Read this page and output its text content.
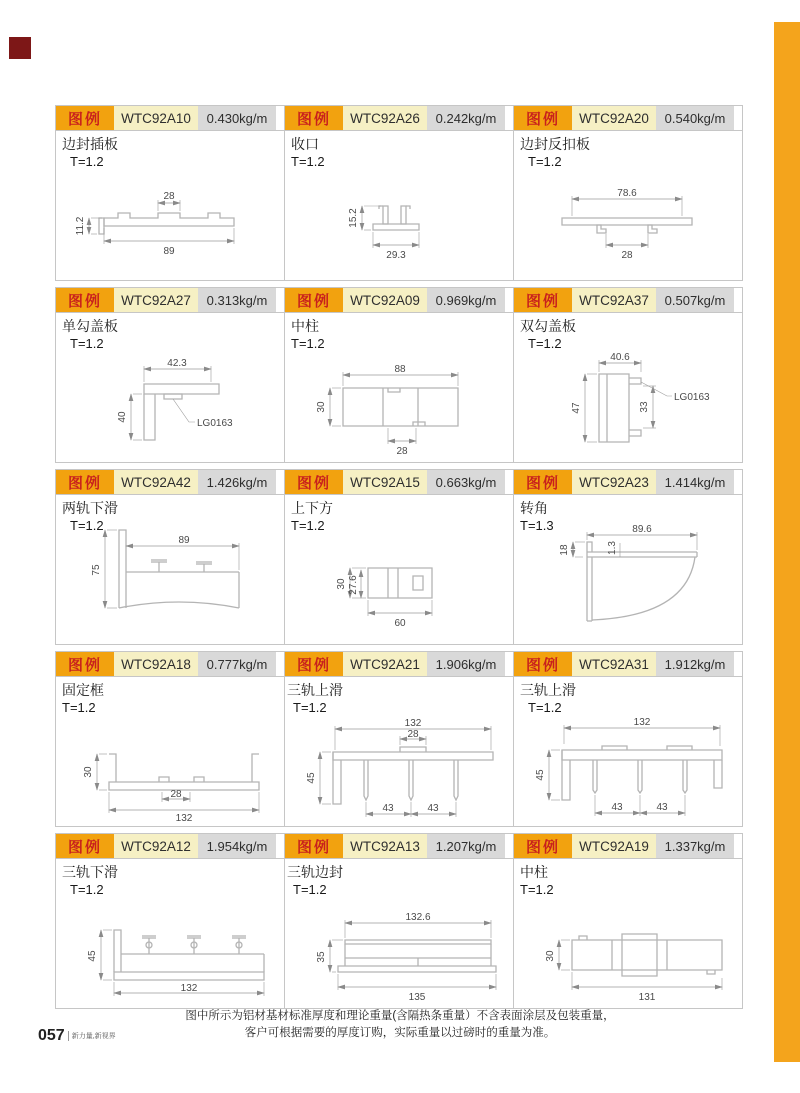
图例	WTC92A10	0.430kg/m
边封插板
T=1.2
28
89
11.2
图例	WTC92A26	0.242kg/m
收口
T=1.2
15.2
29.3
图例	WTC92A20	0.540kg/m
边封反扣板
T=1.2
78.6
28
图例	WTC92A27	0.313kg/m
单勾盖板
T=1.2
42.3
40
LG0163
图例	WTC92A09	0.969kg/m
中柱
T=1.2
88
30
28
图例	WTC92A37	0.507kg/m
双勾盖板
T=1.2
40.6
47	33
LG0163
图例	WTC92A42	1.426kg/m
两轨下滑
T=1.2
89
75
图例	WTC92A15	0.663kg/m
上下方
T=1.2
30 27.6
60
图例	WTC92A23	1.414kg/m
转角
T=1.3	89.6
18	1.3
图例	WTC92A18	0.777kg/m
固定框
T=1.2
30
28
132
图例	WTC92A21	1.906kg/m
三轨上滑
T=1.2
132
28
45
43	43
图例	WTC92A31	1.912kg/m
三轨上滑
T=1.2
132
45
43	43
图例	WTC92A12	1.954kg/m
三轨下滑
T=1.2
45
132
图例	WTC92A13	1.207kg/m
三轨边封
T=1.2
132.6
35
135
图例	WTC92A19	1.337kg/m
中柱
T=1.2
30
131
图中所示为铝材基材标准厚度和理论重量(含隔热条重量）不含表面涂层及包装重量，
客户可根据需要的厚度订购，实际重量以过磅时的重量为准。
057	新力量,新视界
